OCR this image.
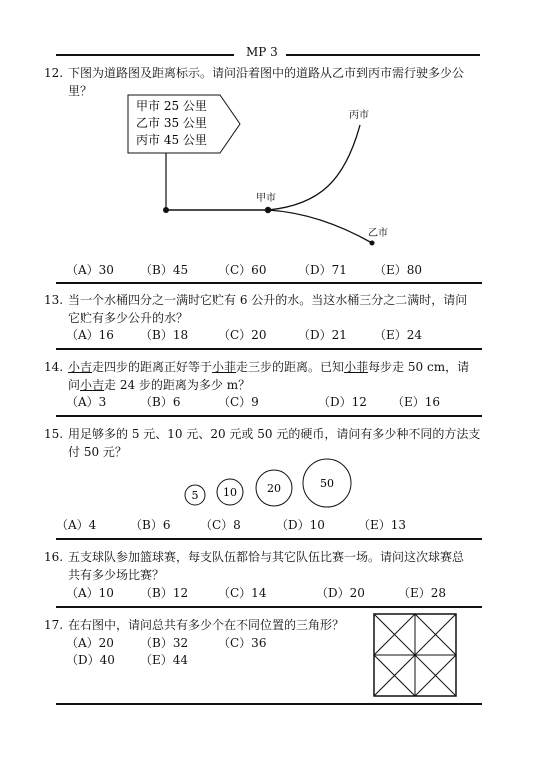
MP 3
12. 下图为道路图及距离标示。请问沿着图中的道路从乙市到丙市需行驶多少公
里？
甲市 25 公里
乙市 35 公里
丙市 45 公里
丙市
甲市
乙市
（A）30 （B）45 （C）60	（D）71 （E）80
13. 当一个水桶四分之一满时它贮有 6 公升的水。当这水桶三分之二满时，请问
它贮有多少公升的水？
（A）16 （B）18 （C）20	（D）21 （E）24
14. 小吉走四步的距离正好等于小菲走三步的距离。已知小菲每步走 50 cm，请
问小吉走 24 步的距离为多少 m？
（A）3	（B）6	（C）9	（D）12 （E）16
15. 用足够多的 5 元、10 元、20 元或 50 元的硬币，请问有多少种不同的方法支
付 50 元？
5 10	20	50
（A）4	（B）6 （C）8	（D）10	（E）13
16. 五支球队参加篮球赛，每支队伍都恰与其它队伍比赛一场。请问这次球赛总
共有多少场比赛？
（A）10 （B）12 （C）14	（D）20	（E）28
17. 在右图中，请问总共有多少个在不同位置的三角形？
（A）20 （B）32 （C）36
（D）40 （E）44
